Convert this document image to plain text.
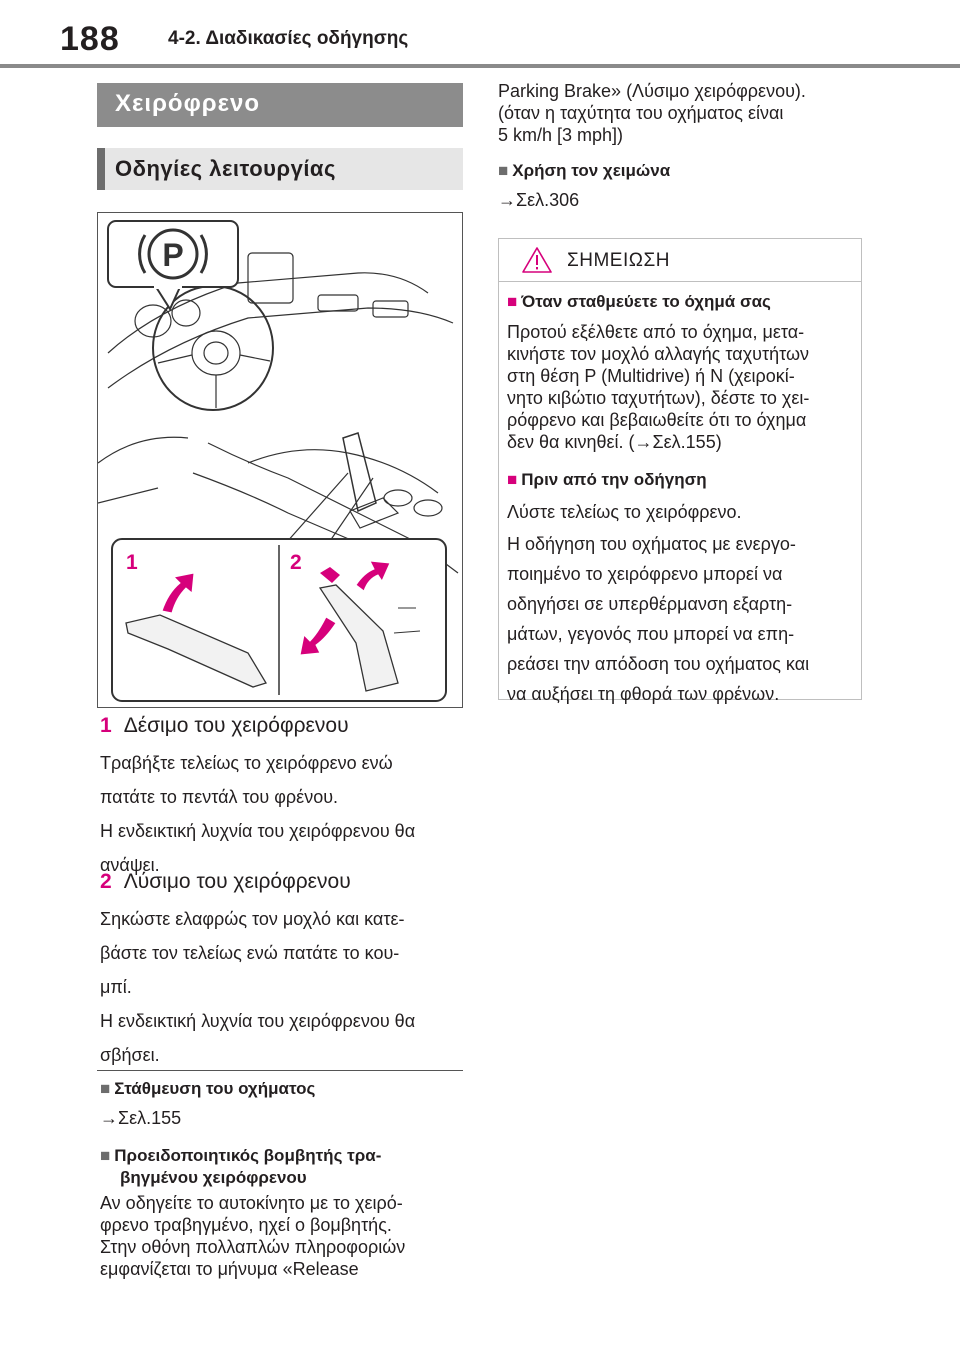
188	4-2. Διαδικασίες οδήγησης
Χειρόφρενο
Οδηγίες λειτουργίας
P
1	2
1 Δέσιμο του χειρόφρενου
Τραβήξτε τελείως το χειρόφρενο ενώ
πατάτε το πεντάλ του φρένου.
Η ενδεικτική λυχνία του χειρόφρενου θα
ανάψει.
2 Λύσιμο του χειρόφρενου
Σηκώστε ελαφρώς τον μοχλό και κατε-
βάστε τον τελείως ενώ πατάτε το κου-
μπί.
Η ενδεικτική λυχνία του χειρόφρενου θα
σβήσει.
■ Στάθμευση του οχήματος
→Σελ.155
■ Προειδοποιητικός βομβητής τρα-
βηγμένου χειρόφρενου
Αν οδηγείτε το αυτοκίνητο με το χειρό-
φρενο τραβηγμένο, ηχεί ο βομβητής.
Στην οθόνη πολλαπλών πληροφοριών
εμφανίζεται το μήνυμα «Release
Parking Brake» (Λύσιμο χειρόφρενου).
(όταν η ταχύτητα του οχήματος είναι
5 km/h [3 mph])
■ Χρήση τον χειμώνα
→Σελ.306
ΣΗΜΕΙΩΣΗ
■ Όταν σταθμεύετε το όχημά σας
Προτού εξέλθετε από το όχημα, μετα-
κινήστε τον μοχλό αλλαγής ταχυτήτων
στη θέση P (Multidrive) ή N (χειροκί-
νητο κιβώτιο ταχυτήτων), δέστε το χει-
ρόφρενο και βεβαιωθείτε ότι το όχημα
δεν θα κινηθεί. (→Σελ.155)
■ Πριν από την οδήγηση
Λύστε τελείως το χειρόφρενο.
Η οδήγηση του οχήματος με ενεργο-
ποιημένο το χειρόφρενο μπορεί να
οδηγήσει σε υπερθέρμανση εξαρτη-
μάτων, γεγονός που μπορεί να επη-
ρεάσει την απόδοση του οχήματος και
να αυξήσει τη φθορά των φρένων.
